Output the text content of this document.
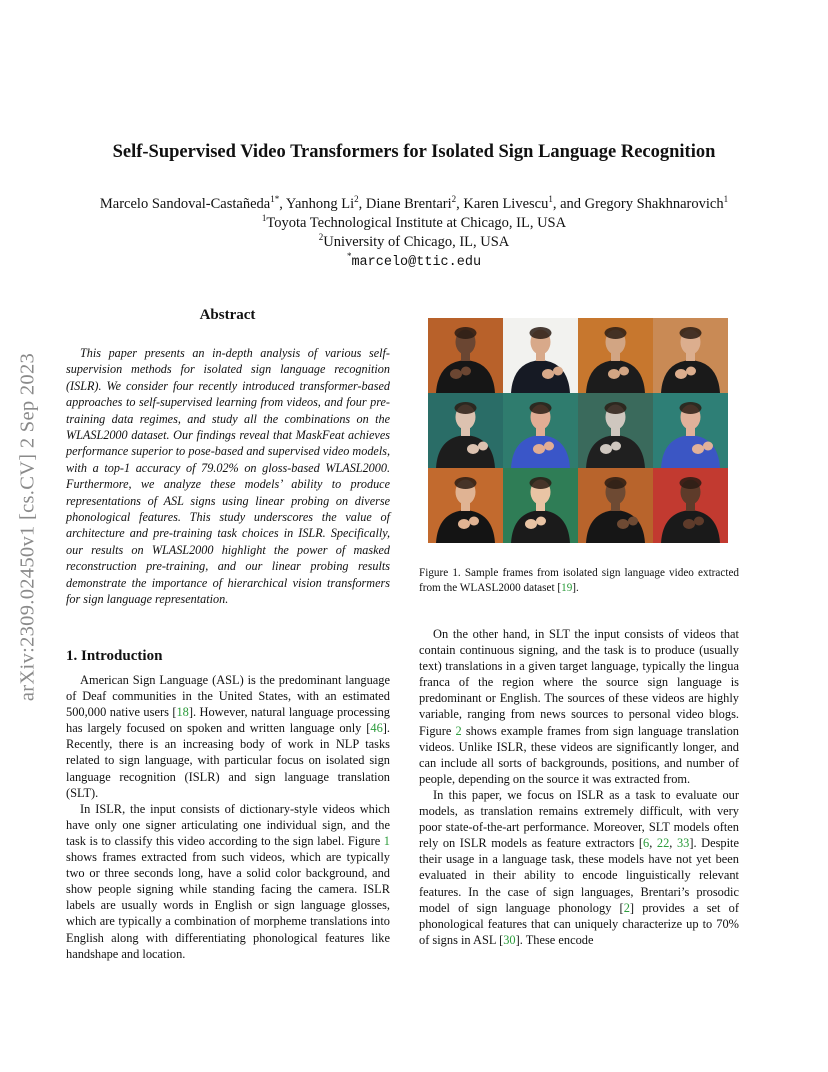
Self-Supervised Video Transformers for Isolated Sign Language Recognition
Marcelo Sandoval-Castañeda$^{1*}$, Yanhong Li$^2$, Diane Brentari$^2$, Karen Livescu$^1$, and Gregory Shakhnarovich$^1$
$^1$Toyota Technological Institute at Chicago, IL, USA
$^2$University of Chicago, IL, USA
*marcelo@ttic.edu
arXiv:2309.02450v1 [cs.CV] 2 Sep 2023
Abstract

This paper presents an in-depth analysis of various self-supervision methods for isolated sign language recognition (ISLR). We consider four recently introduced transformer-based approaches to self-supervised learning from videos, and four pre-training data regimes, and study all the combinations on the WLASL2000 dataset. Our findings reveal that MaskFeat achieves performance superior to pose-based and supervised video models, with a top-1 accuracy of 79.02% on gloss-based WLASL2000. Furthermore, we analyze these models’ ability to produce representations of ASL signs using linear probing on diverse phonological features. This study underscores the value of architecture and pre-training task choices in ISLR. Specifically, our results on WLASL2000 highlight the power of masked reconstruction pre-training, and our linear probing results demonstrate the importance of hierarchical vision transformers for sign language representation.

1. Introduction

American Sign Language (ASL) is the predominant language of Deaf communities in the United States, with an estimated 500,000 native users [18]. However, natural language processing has largely focused on spoken and written language only [46]. Recently, there is an increasing body of work in NLP tasks related to sign language, with particular focus on isolated sign language recognition (ISLR) and sign language translation (SLT).

In ISLR, the input consists of dictionary-style videos which have only one signer articulating one individual sign, and the task is to classify this video according to the sign label. Figure 1 shows frames extracted from such videos, which are typically two or three seconds long, have a solid color background, and show people signing while standing facing the camera. ISLR labels are usually words in English or sign language glosses, which are typically a combination of morpheme translations into English along with differentiating phonological features like handshape and location.

Figure 1. Sample frames from isolated sign language video extracted from the WLASL2000 dataset [19].

On the other hand, in SLT the input consists of videos that contain continuous signing, and the task is to produce (usually text) translations in a given target language, typically the lingua franca of the region where the source sign language is predominant or English. The sources of these videos are highly variable, ranging from news sources to personal video blogs. Figure 2 shows example frames from sign language translation videos. Unlike ISLR, these videos are significantly longer, and can include all sorts of backgrounds, positions, and number of people, depending on the source it was extracted from.

In this paper, we focus on ISLR as a task to evaluate our models, as translation remains extremely difficult, with very poor state-of-the-art performance. Moreover, SLT models often rely on ISLR models as feature extractors [6, 22, 33]. Despite their usage in a language task, these models have not yet been evaluated in their ability to encode linguistically relevant features. In the case of sign languages, Brentari’s prosodic model of sign language phonology [2] provides a set of phonological features that can uniquely characterize up to 70% of signs in ASL [30]. These encode
